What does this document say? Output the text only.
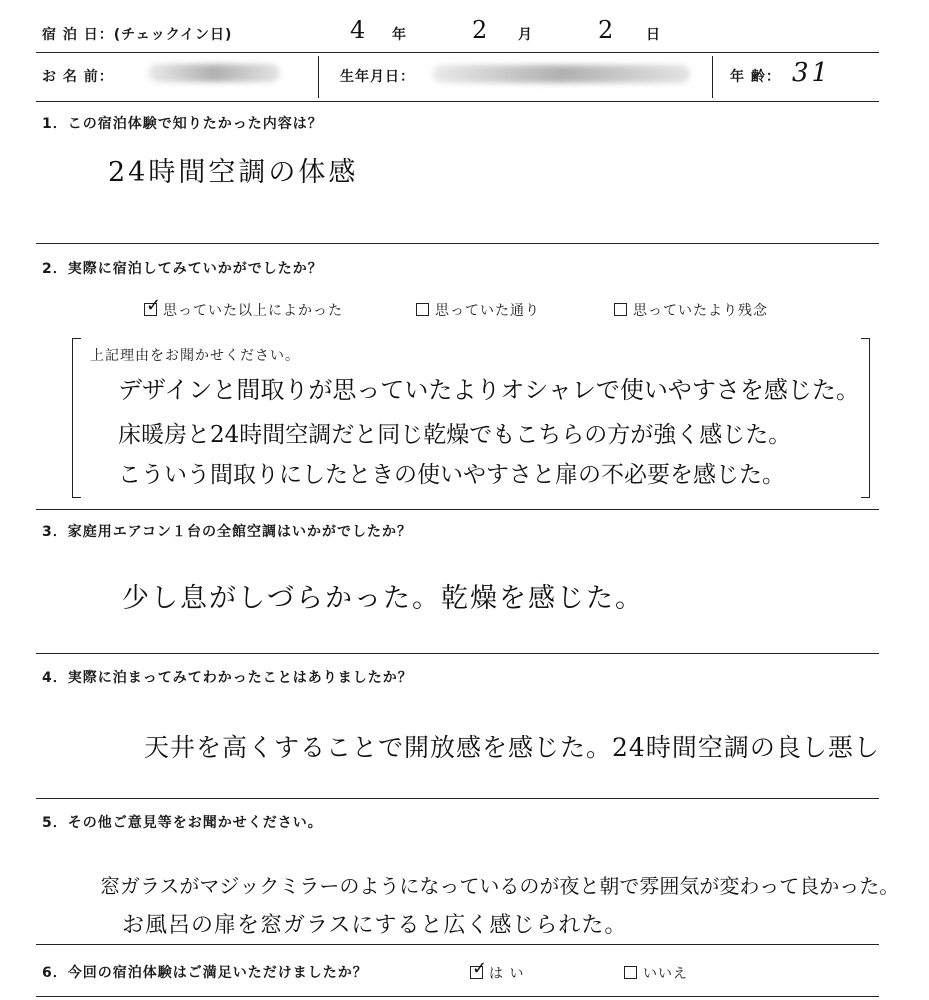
宿 泊 日：(チェックイン日)	4 年	2 月	2 日
お 名 前：	生年月日：	年 齢： 31
1．この宿泊体験で知りたかった内容は？
24時間空調の体感
2．実際に宿泊してみていかがでしたか？
✓ 思っていた以上によかった	思っていた通り	思っていたより残念
上記理由をお聞かせください。
デザインと間取りが思っていたよりオシャレで使いやすさを感じた。
床暖房と24時間空調だと同じ乾燥でもこちらの方が強く感じた。
こういう間取りにしたときの使いやすさと扉の不必要を感じた。
3．家庭用エアコン１台の全館空調はいかがでしたか？
少し息がしづらかった。乾燥を感じた。
4．実際に泊まってみてわかったことはありましたか？
天井を高くすることで開放感を感じた。24時間空調の良し悪し
5．その他ご意見等をお聞かせください。
窓ガラスがマジックミラーのようになっているのが夜と朝で雰囲気が変わって良かった。
お風呂の扉を窓ガラスにすると広く感じられた。
6．今回の宿泊体験はご満足いただけましたか？	✓ は い	いいえ
